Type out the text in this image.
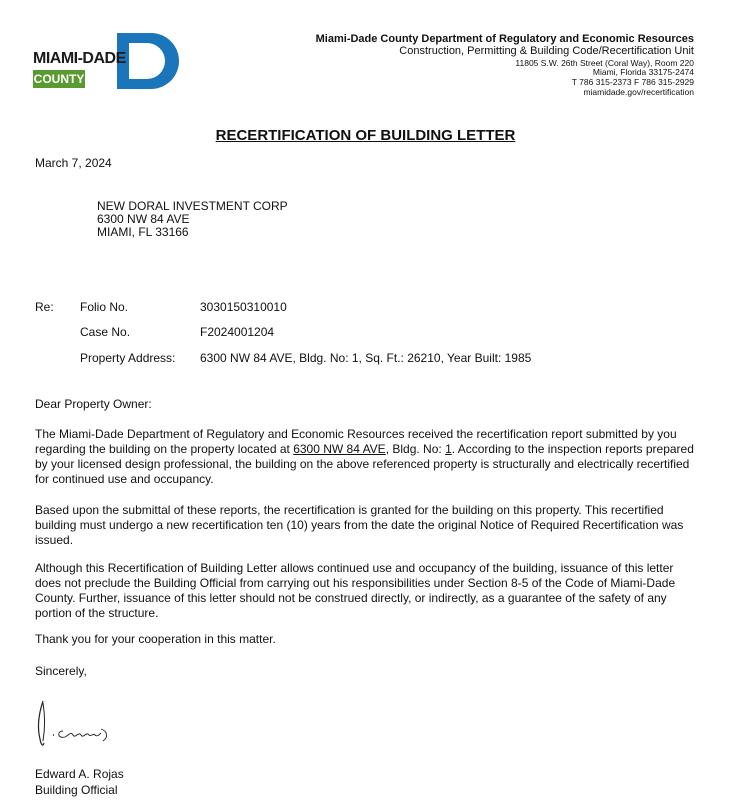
MIAMI-DADE
COUNTY
Miami-Dade County Department of Regulatory and Economic Resources
Construction, Permitting & Building Code/Recertification Unit
11805 S.W. 26th Street (Coral Way), Room 220
Miami, Florida 33175-2474
T 786 315-2373 F 786 315-2929
miamidade.gov/recertification
RECERTIFICATION OF BUILDING LETTER
March 7, 2024
NEW DORAL INVESTMENT CORP
6300 NW 84 AVE
MIAMI, FL 33166
Re: Folio No.	3030150310010
Case No.	F2024001204
Property Address: 6300 NW 84 AVE, Bldg. No: 1, Sq. Ft.: 26210, Year Built: 1985
Dear Property Owner:
The Miami-Dade Department of Regulatory and Economic Resources received the recertification report submitted by you regarding the building on the property located at 6300 NW 84 AVE, Bldg. No: 1. According to the inspection reports prepared by your licensed design professional, the building on the above referenced property is structurally and electrically recertified for continued use and occupancy.
Based upon the submittal of these reports, the recertification is granted for the building on this property. This recertified building must undergo a new recertification ten (10) years from the date the original Notice of Required Recertification was issued.
Although this Recertification of Building Letter allows continued use and occupancy of the building, issuance of this letter does not preclude the Building Official from carrying out his responsibilities under Section 8-5 of the Code of Miami-Dade County. Further, issuance of this letter should not be construed directly, or indirectly, as a guarantee of the safety of any portion of the structure.
Thank you for your cooperation in this matter.
Sincerely,
Edward A. Rojas
Building Official
